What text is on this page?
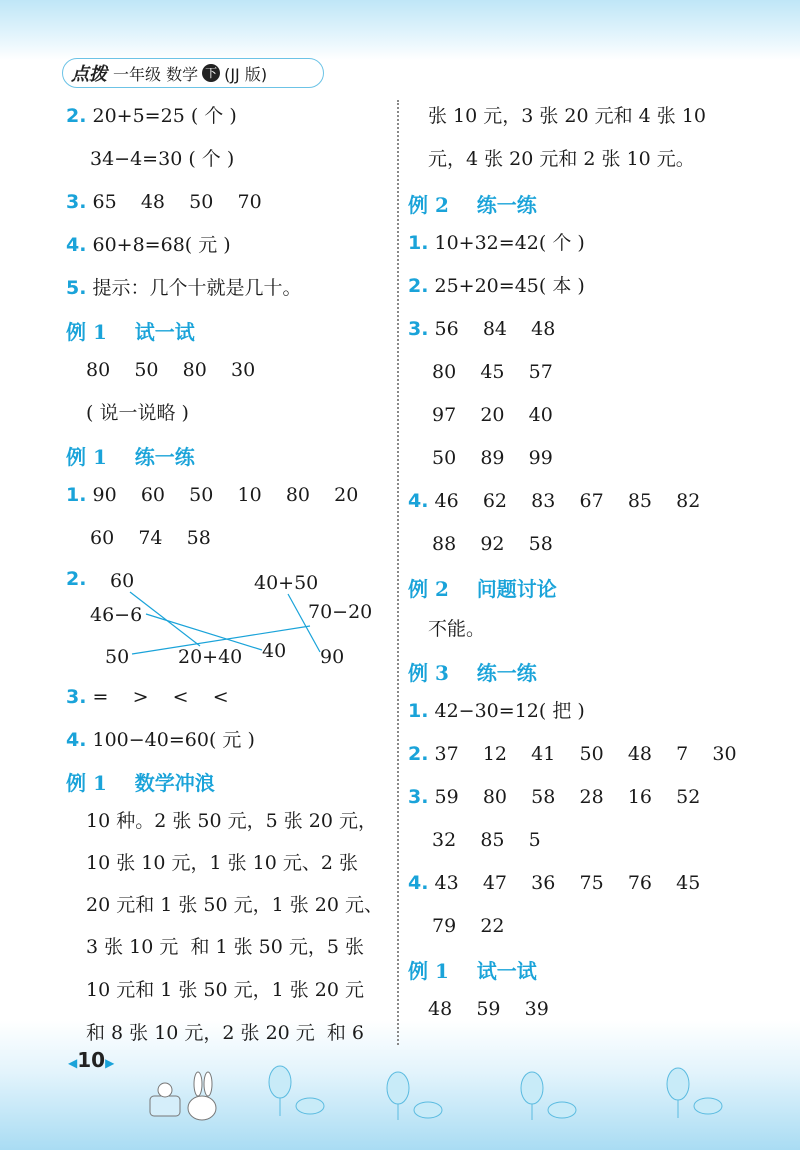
点拨 一年级 数学 下 (JJ 版)
2. 20+5=25 ( 个 )
34−4=30 ( 个 )
3. 65    48    50    70
4. 60+8=68( 元 )
5. 提示：几个十就是几十。
例 1    试一试
80    50    80    30
( 说一说略 )
例 1    练一练
1. 90    60    50    10    80    20
60    74    58
2. 60
46−6
50	20+40
40+50
70−20
40 90
3. =    >    <    <
4. 100−40=60( 元 )
例 1    数学冲浪
10 种。2 张 50 元，5 张 20 元，
10 张 10 元，1 张 10 元、2 张
20 元和 1 张 50 元，1 张 20 元、
3 张 10 元  和 1 张 50 元，5 张
10 元和 1 张 50 元，1 张 20 元
和 8 张 10 元，2 张 20 元  和 6
张 10 元，3 张 20 元和 4 张 10
元，4 张 20 元和 2 张 10 元。
例 2    练一练
1. 10+32=42( 个 )
2. 25+20=45( 本 )
3. 56    84    48
80    45    57
97    20    40
50    89    99
4. 46    62    83    67    85    82
88    92    58
例 2    问题讨论
不能。
例 3    练一练
1. 42−30=12( 把 )
2. 37    12    41    50    48    7    30
3. 59    80    58    28    16    52
32    85    5
4. 43    47    36    75    76    45
79    22
例 1    试一试
48    59    39
◀10▶
